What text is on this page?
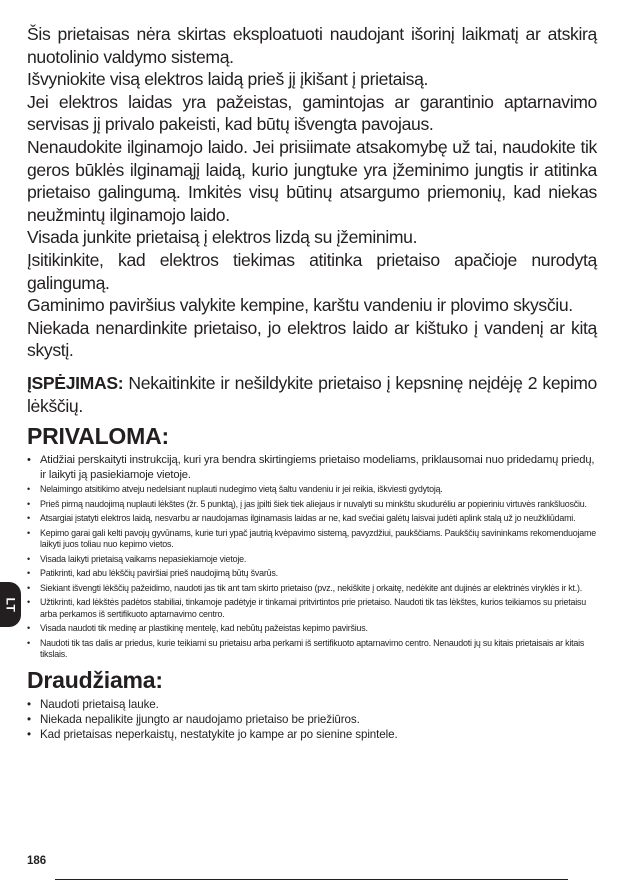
LT

Šis prietaisas nėra skirtas eksploatuoti naudojant išorinį laikmatį ar atskirą nuotolinio valdymo sistemą.

Išvyniokite visą elektros laidą prieš jį įkišant į prietaisą.

Jei elektros laidas yra pažeistas, gamintojas ar garantinio aptarnavimo servisas jį privalo pakeisti, kad būtų išvengta pavojaus.

Nenaudokite ilginamojo laido. Jei prisiimate atsakomybę už tai, naudokite tik geros būklės ilginamąjį laidą, kurio jungtuke yra įžeminimo jungtis ir atitinka prietaiso galingumą. Imkitės visų būtinų atsargumo priemonių, kad niekas neužmintų ilginamojo laido.

Visada junkite prietaisą į elektros lizdą su įžeminimu.

Įsitikinkite, kad elektros tiekimas atitinka prietaiso apačioje nurodytą galingumą.

Gaminimo paviršius valykite kempine, karštu vandeniu ir plovimo skysčiu.

Niekada nenardinkite prietaiso, jo elektros laido ar kištuko į vandenį ar kitą skystį.

ĮSPĖJIMAS: Nekaitinkite ir nešildykite prietaiso į kepsninę neįdėję 2 kepimo lėkščių.

PRIVALOMA:
• Atidžiai perskaityti instrukciją, kuri yra bendra skirtingiems prietaiso modeliams, priklausomai nuo pridedamų priedų, ir laikyti ją pasiekiamoje vietoje.
• Nelaimingo atsitikimo atveju nedelsiant nuplauti nudegimo vietą šaltu vandeniu ir jei reikia, iškviesti gydytoją.
• Prieš pirmą naudojimą nuplauti lėkštes (žr. 5 punktą), į jas įpilti šiek tiek aliejaus ir nuvalyti su minkštu skuduréliu ar popieriniu virtuvės rankšluosčiu.
• Atsargiai įstatyti elektros laidą, nesvarbu ar naudojamas ilginamasis laidas ar ne, kad svečiai galėtų laisvai judėti aplink stalą už jo neužkliūdami.
• Kepimo garai gali kelti pavojų gyvūnams, kurie turi ypač jautrią kvėpavimo sistemą, pavyzdžiui, paukščiams. Paukščių savininkams rekomenduojame laikyti juos toliau nuo kepimo vietos.
• Visada laikyti prietaisą vaikams nepasiekiamoje vietoje.
• Patikrinti, kad abu lėkščių paviršiai prieš naudojimą būtų švarūs.
• Siekiant išvengti lėkščių pažeidimo, naudoti jas tik ant tam skirto prietaiso (pvz., nekiškite į orkaitę, nedėkite ant dujinės ar elektrinės viryklės ir kt.).
• Užtikrinti, kad lėkštės padėtos stabiliai, tinkamoje padėtyje ir tinkamai pritvirtintos prie prietaiso. Naudoti tik tas lėkštes, kurios teikiamos su prietaisu arba perkamos iš sertifikuoto aptarnavimo centro.
• Visada naudoti tik medinę ar plastikinę mentelę, kad nebūtų pažeistas kepimo paviršius.
• Naudoti tik tas dalis ar priedus, kurie teikiami su prietaisu arba perkami iš sertifikuoto aptarnavimo centro. Nenaudoti jų su kitais prietaisais ar kitais tikslais.
Draudžiama:
• Naudoti prietaisą lauke.
• Niekada nepalikite įjungto ar naudojamo prietaiso be priežiūros.
• Kad prietaisas neperkaistų, nestatykite jo kampe ar po sienine spintele.
186
